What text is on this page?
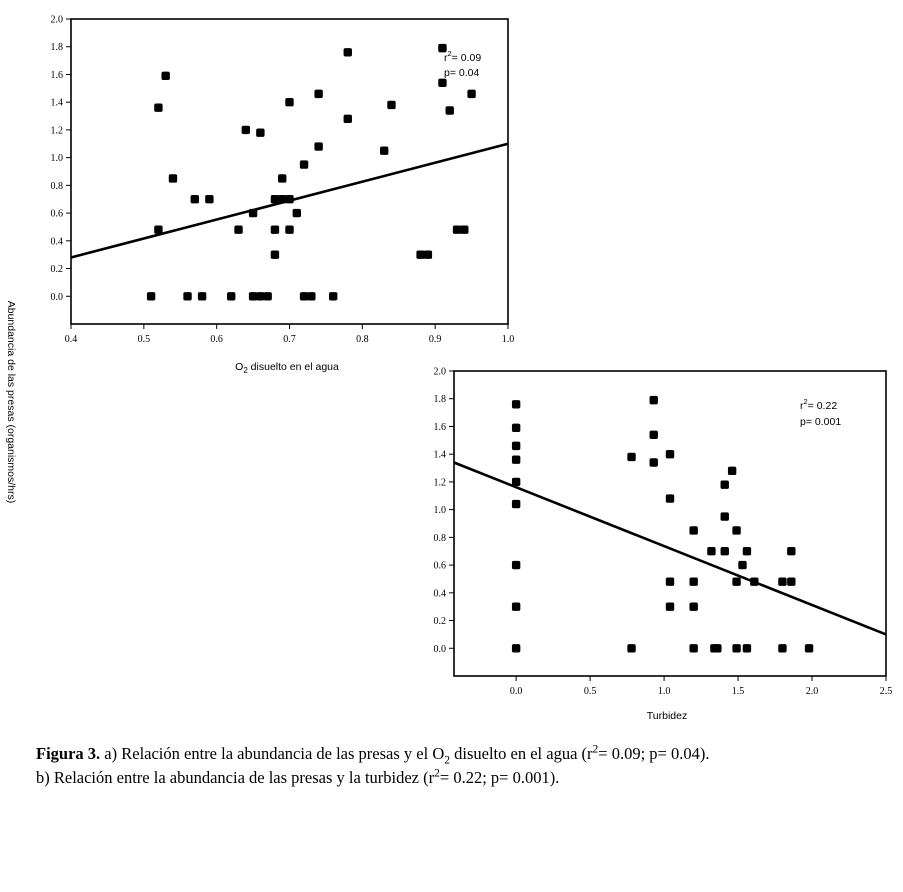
Abundancia de las presas (organismos/hrs)	0.4	0.5	0.6	0.7	0.8	0.9	1.0
0.0
0.2
0.4
0.6
0.8
1.0
1.2
1.4
1.6
1.8
2.0
$O_2$ disuelto en el agua
$r^2= 0.09$
p= 0.04
0.0	0.5	1.0	1.5	2.0	2.5
0.0
0.2
0.4
0.6
0.8
1.0
1.2
1.4
1.6
1.8
2.0
Turbidez
$r^2= 0.22$
p= 0.001
Figura 3. a) Relación entre la abundancia de las presas y el $O_2$ disuelto en el agua ($r^2= 0.09$; p= 0.04).
b) Relación entre la abundancia de las presas y la turbidez ($r^2= 0.22$; p= 0.001).
